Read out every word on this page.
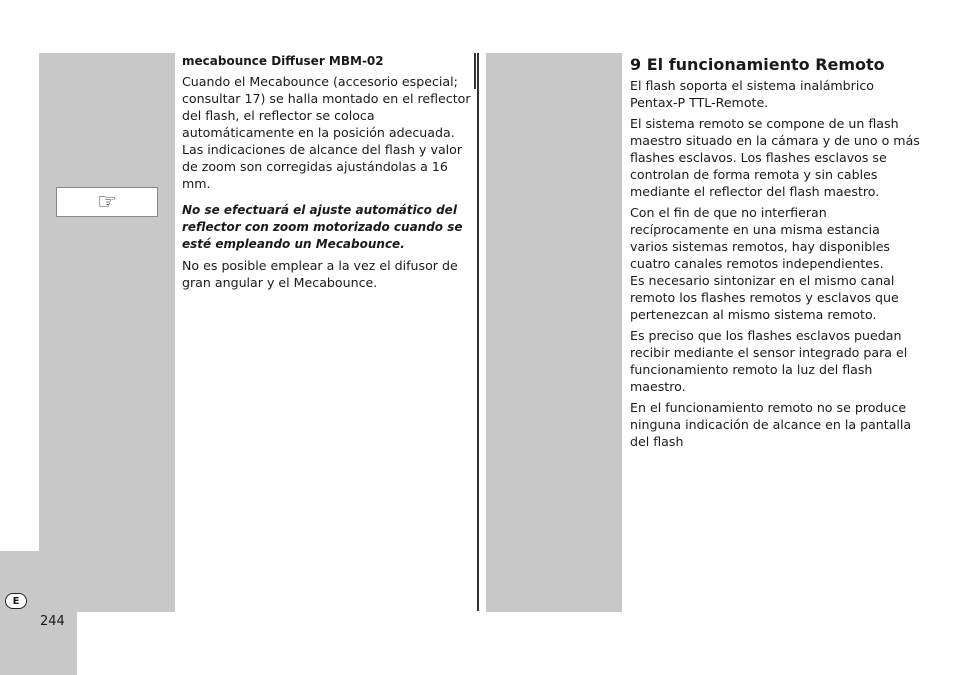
☞

mecabounce Diffuser MBM-02

Cuando el Mecabounce (accesorio especial; consultar 17) se halla montado en el reflector del flash, el reflector se coloca automáticamente en la posición adecuada. Las indicaciones de alcance del flash y valor de zoom son corregidas ajustándolas a 16 mm.

No se efectuará el ajuste automático del reflector con zoom motorizado cuando se esté empleando un Mecabounce.

No es posible emplear a la vez el difusor de gran angular y el Mecabounce.

9 El funcionamiento Remoto

El flash soporta el sistema inalámbrico Pentax-P TTL-Remote.

El sistema remoto se compone de un flash maestro situado en la cámara y de uno o más flashes esclavos. Los flashes esclavos se controlan de forma remota y sin cables mediante el reflector del flash maestro.

Con el fin de que no interfieran recíprocamente en una misma estancia varios sistemas remotos, hay disponibles cuatro canales remotos independientes.

Es necesario sintonizar en el mismo canal remoto los flashes remotos y esclavos que pertenezcan al mismo sistema remoto.

Es preciso que los flashes esclavos puedan recibir mediante el sensor integrado para el funcionamiento remoto la luz del flash maestro.

En el funcionamiento remoto no se produce ninguna indicación de alcance en la pantalla del flash

E
244
